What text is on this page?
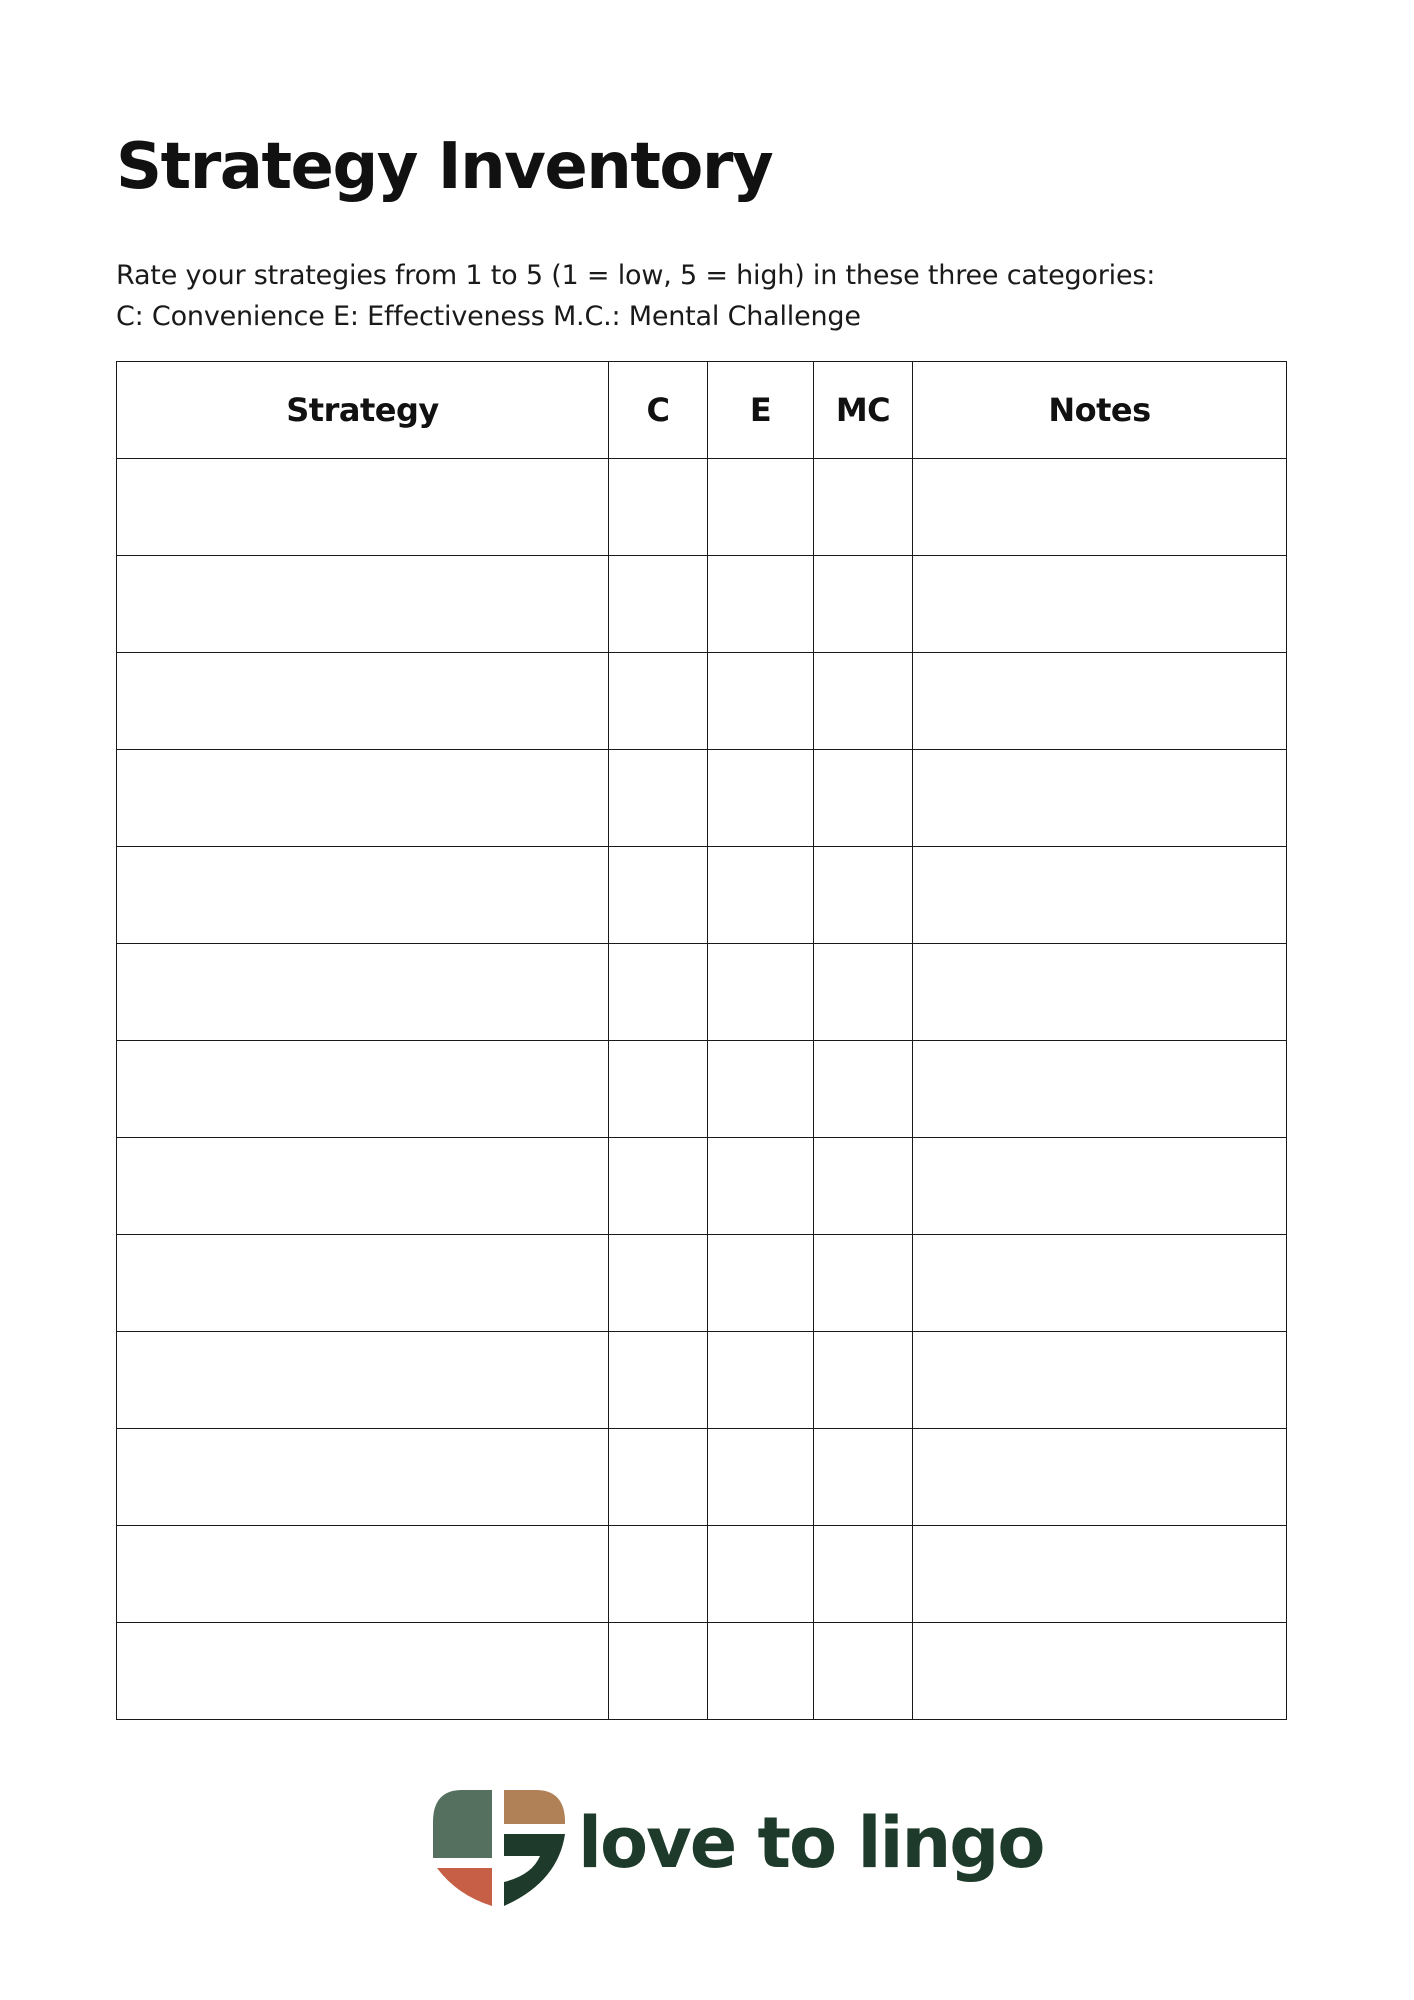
Strategy Inventory

Rate your strategies from 1 to 5 (1 = low, 5 = high) in these three categories:

C: Convenience E: Effectiveness M.C.: Mental Challenge

Strategy	C	E	MC	Notes

love to lingo
